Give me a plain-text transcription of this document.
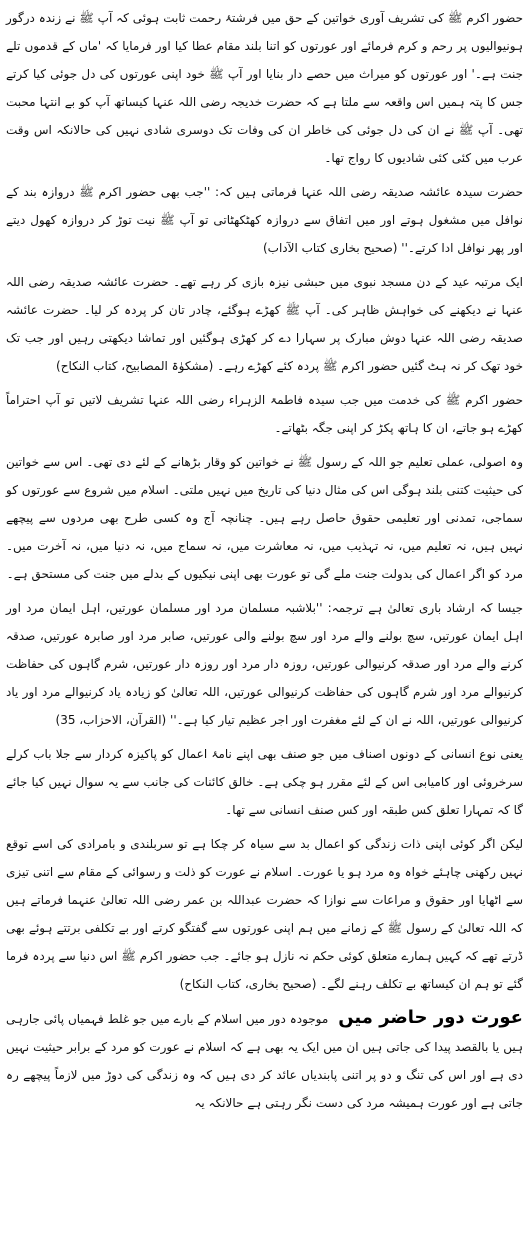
حضور اکرم ﷺ کی تشریف آوری خواتین کے حق میں فرشتۂ رحمت ثابت ہوئی کہ آپ ﷺ نے زندہ درگور ہونیوالیوں پر رحم و کرم فرمائے اور عورتوں کو اتنا بلند مقام عطا کیا اور فرمایا کہ 'ماں کے قدموں تلے جنت ہے۔' اور عورتوں کو میراث میں حصے دار بنایا اور آپ ﷺ خود اپنی عورتوں کی دل جوئی کیا کرتے جس کا پتہ ہمیں اس واقعہ سے ملتا ہے کہ حضرت خدیجہ رضی اللہ عنہا کیساتھ آپ کو بے انتہا محبت تھی۔ آپ ﷺ نے ان کی دل جوئی کی خاطر ان کی وفات تک دوسری شادی نہیں کی حالانکہ اس وقت عرب میں کئی کئی شادیوں کا رواج تھا۔

حضرت سیدہ عائشہ صدیقہ رضی اللہ عنہا فرماتی ہیں کہ: ''جب بھی حضور اکرم ﷺ دروازہ بند کے نوافل میں مشغول ہوتے اور میں اتفاق سے دروازہ کھٹکھٹاتی تو آپ ﷺ نیت توڑ کر دروازہ کھول دیتے اور پھر نوافل ادا کرتے۔'' (صحیح بخاری کتاب الآداب)

ایک مرتبہ عید کے دن مسجد نبوی میں حبشی نیزہ بازی کر رہے تھے۔ حضرت عائشہ صدیقہ رضی اللہ عنہا نے دیکھنے کی خواہش ظاہر کی۔ آپ ﷺ کھڑے ہوگئے، چادر تان کر پردہ کر لیا۔ حضرت عائشہ صدیقہ رضی اللہ عنہا دوش مبارک پر سہارا دے کر کھڑی ہوگئیں اور تماشا دیکھتی رہیں اور جب تک خود تھک کر نہ ہٹ گئیں حضور اکرم ﷺ پردہ کئے کھڑے رہے۔ (مشکوٰۃ المصابیح، کتاب النکاح)

حضور اکرم ﷺ کی خدمت میں جب سیدہ فاطمۃ الزہراء رضی اللہ عنہا تشریف لاتیں تو آپ احتراماً کھڑے ہو جاتے، ان کا ہاتھ پکڑ کر اپنی جگہ بٹھاتے۔

وہ اصولی، عملی تعلیم جو اللہ کے رسول ﷺ نے خواتین کو وقار بڑھانے کے لئے دی تھی۔ اس سے خواتین کی حیثیت کتنی بلند ہوگی اس کی مثال دنیا کی تاریخ میں نہیں ملتی۔ اسلام میں شروع سے عورتوں کو سماجی، تمدنی اور تعلیمی حقوق حاصل رہے ہیں۔ چنانچہ آج وہ کسی طرح بھی مردوں سے پیچھے نہیں ہیں، نہ تعلیم میں، نہ تہذیب میں، نہ معاشرت میں، نہ سماج میں، نہ دنیا میں، نہ آخرت میں۔ مرد کو اگر اعمال کی بدولت جنت ملے گی تو عورت بھی اپنی نیکیوں کے بدلے میں جنت کی مستحق ہے۔

جیسا کہ ارشاد باری تعالیٰ ہے ترجمہ: ''بلاشبہ مسلمان مرد اور مسلمان عورتیں، اہل ایمان مرد اور اہل ایمان عورتیں، سچ بولنے والے مرد اور سچ بولنے والی عورتیں، صابر مرد اور صابرہ عورتیں، صدقہ کرنے والے مرد اور صدقہ کرنیوالی عورتیں، روزہ دار مرد اور روزہ دار عورتیں، شرم گاہوں کی حفاظت کرنیوالے مرد اور شرم گاہوں کی حفاظت کرنیوالی عورتیں، اللہ تعالیٰ کو زیادہ یاد کرنیوالے مرد اور یاد کرنیوالی عورتیں، اللہ نے ان کے لئے مغفرت اور اجر عظیم تیار کیا ہے۔'' (القرآن، الاحزاب، 35)

یعنی نوع انسانی کے دونوں اصناف میں جو صنف بھی اپنے نامۂ اعمال کو پاکیزہ کردار سے جلا باب کرلے سرخروئی اور کامیابی اس کے لئے مقرر ہو چکی ہے۔ خالق کائنات کی جانب سے یہ سوال نہیں کیا جائے گا کہ تمہارا تعلق کس طبقہ اور کس صنف انسانی سے تھا۔

لیکن اگر کوئی اپنی ذات زندگی کو اعمال بد سے سیاہ کر چکا ہے تو سربلندی و بامرادی کی اسے توقع نہیں رکھنی چاہئے خواہ وہ مرد ہو یا عورت۔ اسلام نے عورت کو ذلت و رسوائی کے مقام سے اتنی تیزی سے اٹھایا اور حقوق و مراعات سے نوازا کہ حضرت عبداللہ بن عمر رضی اللہ تعالیٰ عنہما فرماتے ہیں کہ اللہ تعالیٰ کے رسول ﷺ کے زمانے میں ہم اپنی عورتوں سے گفتگو کرتے اور بے تکلفی برتتے ہوئے بھی ڈرتے تھے کہ کہیں ہمارے متعلق کوئی حکم نہ نازل ہو جائے۔ جب حضور اکرم ﷺ اس دنیا سے پردہ فرما گئے تو ہم ان کیساتھ بے تکلف رہنے لگے۔ (صحیح بخاری، کتاب النکاح)

عورت دور حاضر میں موجودہ دور میں اسلام کے بارے میں جو غلط فہمیاں پائی جارہی ہیں یا بالقصد پیدا کی جاتی ہیں ان میں ایک یہ بھی ہے کہ اسلام نے عورت کو مرد کے برابر حیثیت نہیں دی ہے اور اس کی تنگ و دو پر اتنی پابندیاں عائد کر دی ہیں کہ وہ زندگی کی دوڑ میں لازماً پیچھے رہ جاتی ہے اور عورت ہمیشہ مرد کی دست نگر رہتی ہے حالانکہ یہ
